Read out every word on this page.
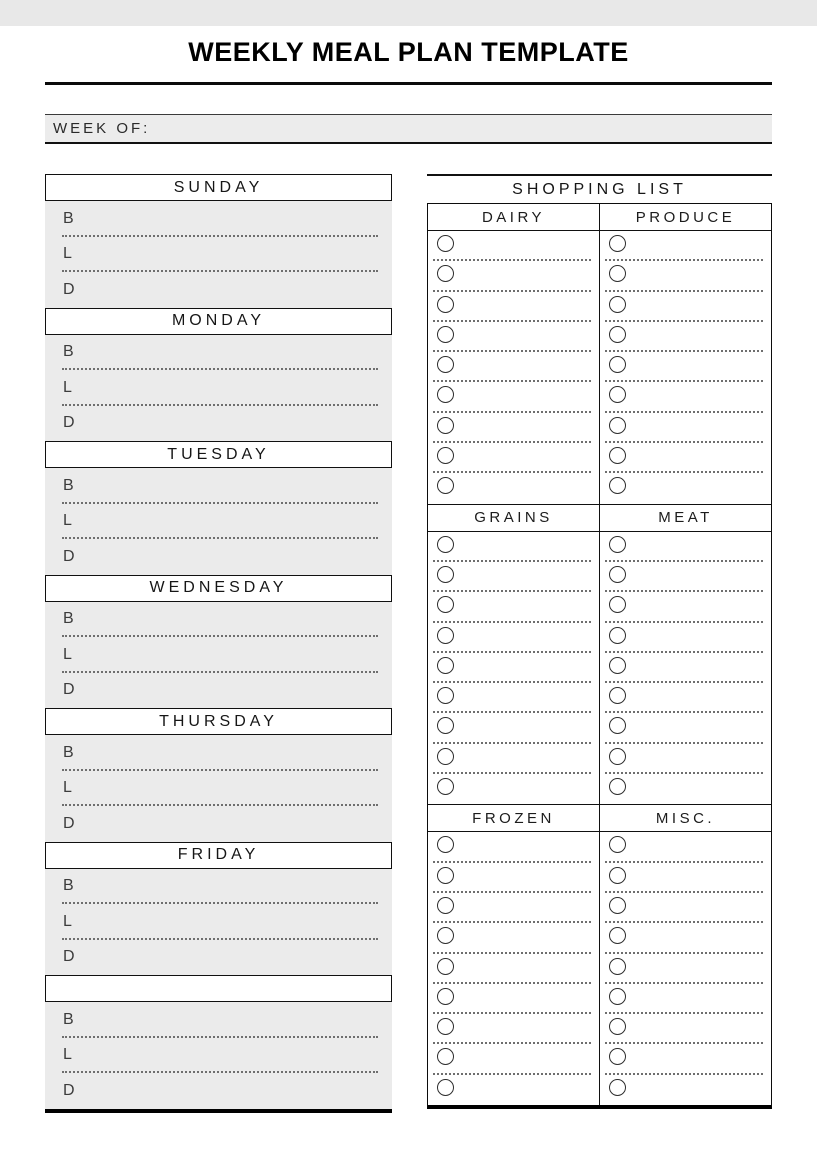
WEEKLY MEAL PLAN TEMPLATE
WEEK OF:
SUNDAY
B
L
D
MONDAY
B
L
D
TUESDAY
B
L
D
WEDNESDAY
B
L
D
THURSDAY
B
L
D
FRIDAY
B
L
D
B
L
D
SHOPPING LIST
DAIRY	PRODUCE
GRAINS	MEAT
FROZEN	MISC.
